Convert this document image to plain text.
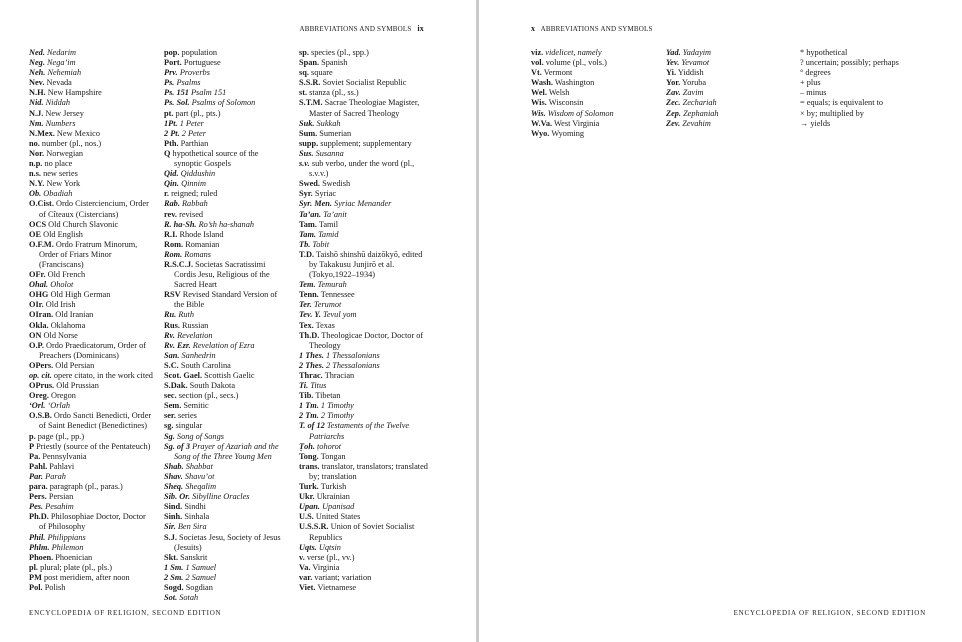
ABBREVIATIONS AND SYMBOLS ix
Ned. Nedarim
Neg. Nega’im
Neh. Nehemiah
Nev. Nevada
N.H. New Hampshire
Nid. Niddah
N.J. New Jersey
Nm. Numbers
N.Mex. New Mexico
no. number (pl., nos.)
Nor. Norwegian
n.p. no place
n.s. new series
N.Y. New York
Ob. Obadiah
O.Cist. Ordo Cisterciencium, Order of Cîteaux (Cistercians)
OCS Old Church Slavonic
OE Old English
O.F.M. Ordo Fratrum Minorum, Order of Friars Minor (Franciscans)
OFr. Old French
Ohal. Oholot
OHG Old High German
OIr. Old Irish
OIran. Old Iranian
Okla. Oklahoma
ON Old Norse
O.P. Ordo Praedicatorum, Order of Preachers (Dominicans)
OPers. Old Persian
op. cit. opere citato, in the work cited
OPrus. Old Prussian
Oreg. Oregon
‘Orl. ‘Orlah
O.S.B. Ordo Sancti Benedicti, Order of Saint Benedict (Benedictines)
p. page (pl., pp.)
P Priestly (source of the Pentateuch)
Pa. Pennsylvania
Pahl. Pahlavi
Par. Parah
para. paragraph (pl., paras.)
Pers. Persian
Pes. Pesahim
Ph.D. Philosophiae Doctor, Doctor of Philosophy
Phil. Philippians
Phlm. Philemon
Phoen. Phoenician
pl. plural; plate (pl., pls.)
PM post meridiem, after noon
Pol. Polish
pop. population
Port. Portuguese
Prv. Proverbs
Ps. Psalms
Ps. 151 Psalm 151
Ps. Sol. Psalms of Solomon
pt. part (pl., pts.)
1Pt. 1 Peter
2 Pt. 2 Peter
Pth. Parthian
Q hypothetical source of the synoptic Gospels
Qid. Qiddushin
Qin. Qinnim
r. reigned; ruled
Rab. Rabbah
rev. revised
R. ha-Sh. Ro’sh ha-shanah
R.I. Rhode Island
Rom. Romanian
Rom. Romans
R.S.C.J. Societas Sacratissimi Cordis Jesu, Religious of the Sacred Heart
RSV Revised Standard Version of the Bible
Ru. Ruth
Rus. Russian
Rv. Revelation
Rv. Ezr. Revelation of Ezra
San. Sanhedrin
S.C. South Carolina
Scot. Gael. Scottish Gaelic
S.Dak. South Dakota
sec. section (pl., secs.)
Sem. Semitic
ser. series
sg. singular
Sg. Song of Songs
Sg. of 3 Prayer of Azariah and the Song of the Three Young Men
Shab. Shabbat
Shav. Shavu’ot
Sheq. Sheqalim
Sib. Or. Sibylline Oracles
Sind. Sindhi
Sinh. Sinhala
Sir. Ben Sira
S.J. Societas Jesu, Society of Jesus (Jesuits)
Skt. Sanskrit
1 Sm. 1 Samuel
2 Sm. 2 Samuel
Sogd. Sogdian
Sot. Sotah
sp. species (pl., spp.)
Span. Spanish
sq. square
S.S.R. Soviet Socialist Republic
st. stanza (pl., ss.)
S.T.M. Sacrae Theologiae Magister, Master of Sacred Theology
Suk. Sukkah
Sum. Sumerian
supp. supplement; supplementary
Sus. Susanna
s.v. sub verbo, under the word (pl., s.v.v.)
Swed. Swedish
Syr. Syriac
Syr. Men. Syriac Menander
Ta’an. Ta’anit
Tam. Tamil
Tam. Tamid
Tb. Tobit
T.D. Taishō shinshū daizōkyō, edited by Takakusu Junjirō et al. (Tokyo,1922–1934)
Tem. Temurah
Tenn. Tennessee
Ter. Terumot
Tev. Y. Tevul yom
Tex. Texas
Th.D. Theologicae Doctor, Doctor of Theology
1 Thes. 1 Thessalonians
2 Thes. 2 Thessalonians
Thrac. Thracian
Ti. Titus
Tib. Tibetan
1 Tm. 1 Timothy
2 Tm. 2 Timothy
T. of 12 Testaments of the Twelve Patriarchs
Ṭoh. ṭohorot
Tong. Tongan
trans. translator, translators; translated by; translation
Turk. Turkish
Ukr. Ukrainian
Upan. Upanisad
U.S. United States
U.S.S.R. Union of Soviet Socialist Republics
Uqts. Uqtsin
v. verse (pl., vv.)
Va. Virginia
var. variant; variation
Viet. Vietnamese
ENCYCLOPEDIA OF RELIGION, SECOND EDITION
x ABBREVIATIONS AND SYMBOLS
viz. videlicet, namely
vol. volume (pl., vols.)
Vt. Vermont
Wash. Washington
Wel. Welsh
Wis. Wisconsin
Wis. Wisdom of Solomon
W.Va. West Virginia
Wyo. Wyoming
Yad. Yadayim
Yev. Yevamot
Yi. Yiddish
Yor. Yoruba
Zav. Zavim
Zec. Zechariah
Zep. Zephaniah
Zev. Zevahim
* hypothetical
? uncertain; possibly; perhaps
° degrees
+ plus
– minus
= equals; is equivalent to
× by; multiplied by
→ yields
ENCYCLOPEDIA OF RELIGION, SECOND EDITION
